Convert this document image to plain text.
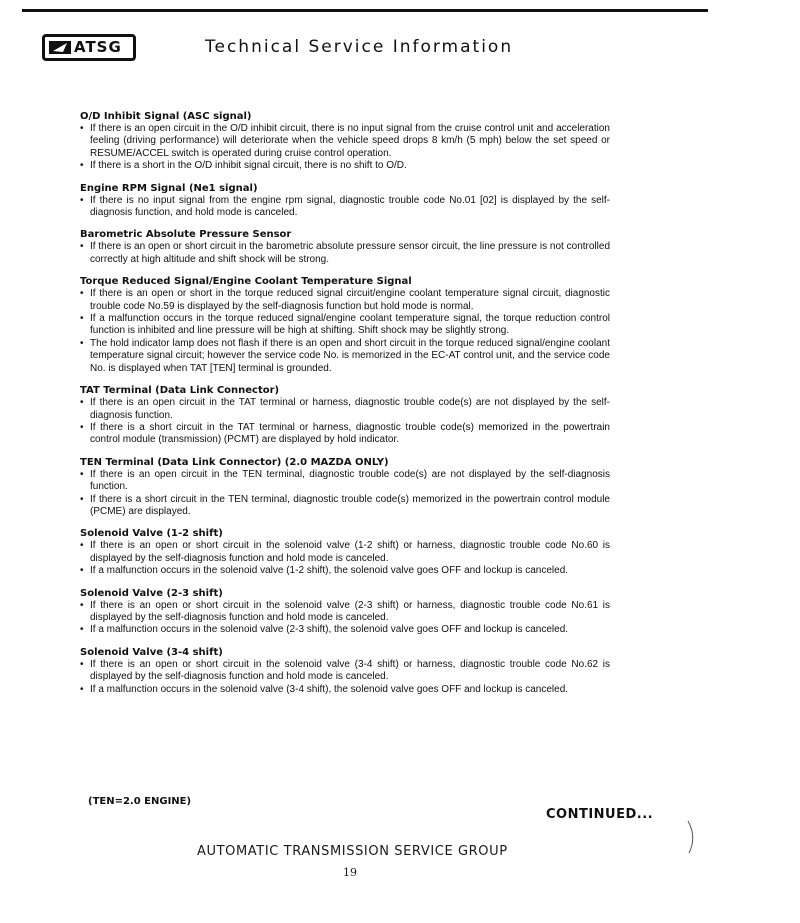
ATSG	Technical Service Information
O/D Inhibit Signal (ASC signal)
• If there is an open circuit in the O/D inhibit circuit, there is no input signal from the cruise control unit and acceleration feeling (driving performance) will deteriorate when the vehicle speed drops 8 km/h (5 mph) below the set speed or RESUME/ACCEL switch is operated during cruise control operation.
• If there is a short in the O/D inhibit signal circuit, there is no shift to O/D.
Engine RPM Signal (Ne1 signal)
• If there is no input signal from the engine rpm signal, diagnostic trouble code No.01 [02] is displayed by the self-diagnosis function, and hold mode is canceled.
Barometric Absolute Pressure Sensor
• If there is an open or short circuit in the barometric absolute pressure sensor circuit, the line pressure is not controlled correctly at high altitude and shift shock will be strong.
Torque Reduced Signal/Engine Coolant Temperature Signal
• If there is an open or short in the torque reduced signal circuit/engine coolant temperature signal circuit, diagnostic trouble code No.59 is displayed by the self-diagnosis function but hold mode is normal.
• If a malfunction occurs in the torque reduced signal/engine coolant temperature signal, the torque reduction control function is inhibited and line pressure will be high at shifting. Shift shock may be slightly strong.
• The hold indicator lamp does not flash if there is an open and short circuit in the torque reduced signal/engine coolant temperature signal circuit; however the service code No. is memorized in the EC-AT control unit, and the service code No. is displayed when TAT [TEN] terminal is grounded.
TAT Terminal (Data Link Connector)
• If there is an open circuit in the TAT terminal or harness, diagnostic trouble code(s) are not displayed by the self-diagnosis function.
• If there is a short circuit in the TAT terminal or harness, diagnostic trouble code(s) memorized in the powertrain control module (transmission) (PCMT) are displayed by hold indicator.
TEN Terminal (Data Link Connector) (2.0 MAZDA ONLY)
• If there is an open circuit in the TEN terminal, diagnostic trouble code(s) are not displayed by the self-diagnosis function.
• If there is a short circuit in the TEN terminal, diagnostic trouble code(s) memorized in the powertrain control module (PCME) are displayed.
Solenoid Valve (1-2 shift)
• If there is an open or short circuit in the solenoid valve (1-2 shift) or harness, diagnostic trouble code No.60 is displayed by the self-diagnosis function and hold mode is canceled.
• If a malfunction occurs in the solenoid valve (1-2 shift), the solenoid valve goes OFF and lockup is canceled.
Solenoid Valve (2-3 shift)
• If there is an open or short circuit in the solenoid valve (2-3 shift) or harness, diagnostic trouble code No.61 is displayed by the self-diagnosis function and hold mode is canceled.
• If a malfunction occurs in the solenoid valve (2-3 shift), the solenoid valve goes OFF and lockup is canceled.
Solenoid Valve (3-4 shift)
• If there is an open or short circuit in the solenoid valve (3-4 shift) or harness, diagnostic trouble code No.62 is displayed by the self-diagnosis function and hold mode is canceled.
• If a malfunction occurs in the solenoid valve (3-4 shift), the solenoid valve goes OFF and lockup is canceled.
(TEN=2.0 ENGINE)
CONTINUED...
AUTOMATIC TRANSMISSION SERVICE GROUP
19
